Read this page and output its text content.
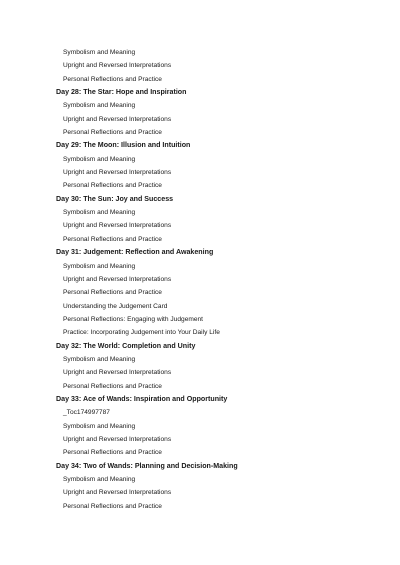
Symbolism and Meaning
Upright and Reversed Interpretations
Personal Reflections and Practice
Day 28: The Star: Hope and Inspiration
Symbolism and Meaning
Upright and Reversed Interpretations
Personal Reflections and Practice
Day 29: The Moon: Illusion and Intuition
Symbolism and Meaning
Upright and Reversed Interpretations
Personal Reflections and Practice
Day 30: The Sun: Joy and Success
Symbolism and Meaning
Upright and Reversed Interpretations
Personal Reflections and Practice
Day 31: Judgement: Reflection and Awakening
Symbolism and Meaning
Upright and Reversed Interpretations
Personal Reflections and Practice
Understanding the Judgement Card
Personal Reflections: Engaging with Judgement
Practice: Incorporating Judgement into Your Daily Life
Day 32: The World: Completion and Unity
Symbolism and Meaning
Upright and Reversed Interpretations
Personal Reflections and Practice
Day 33: Ace of Wands: Inspiration and Opportunity
_Toc174997787
Symbolism and Meaning
Upright and Reversed Interpretations
Personal Reflections and Practice
Day 34: Two of Wands: Planning and Decision-Making
Symbolism and Meaning
Upright and Reversed Interpretations
Personal Reflections and Practice
